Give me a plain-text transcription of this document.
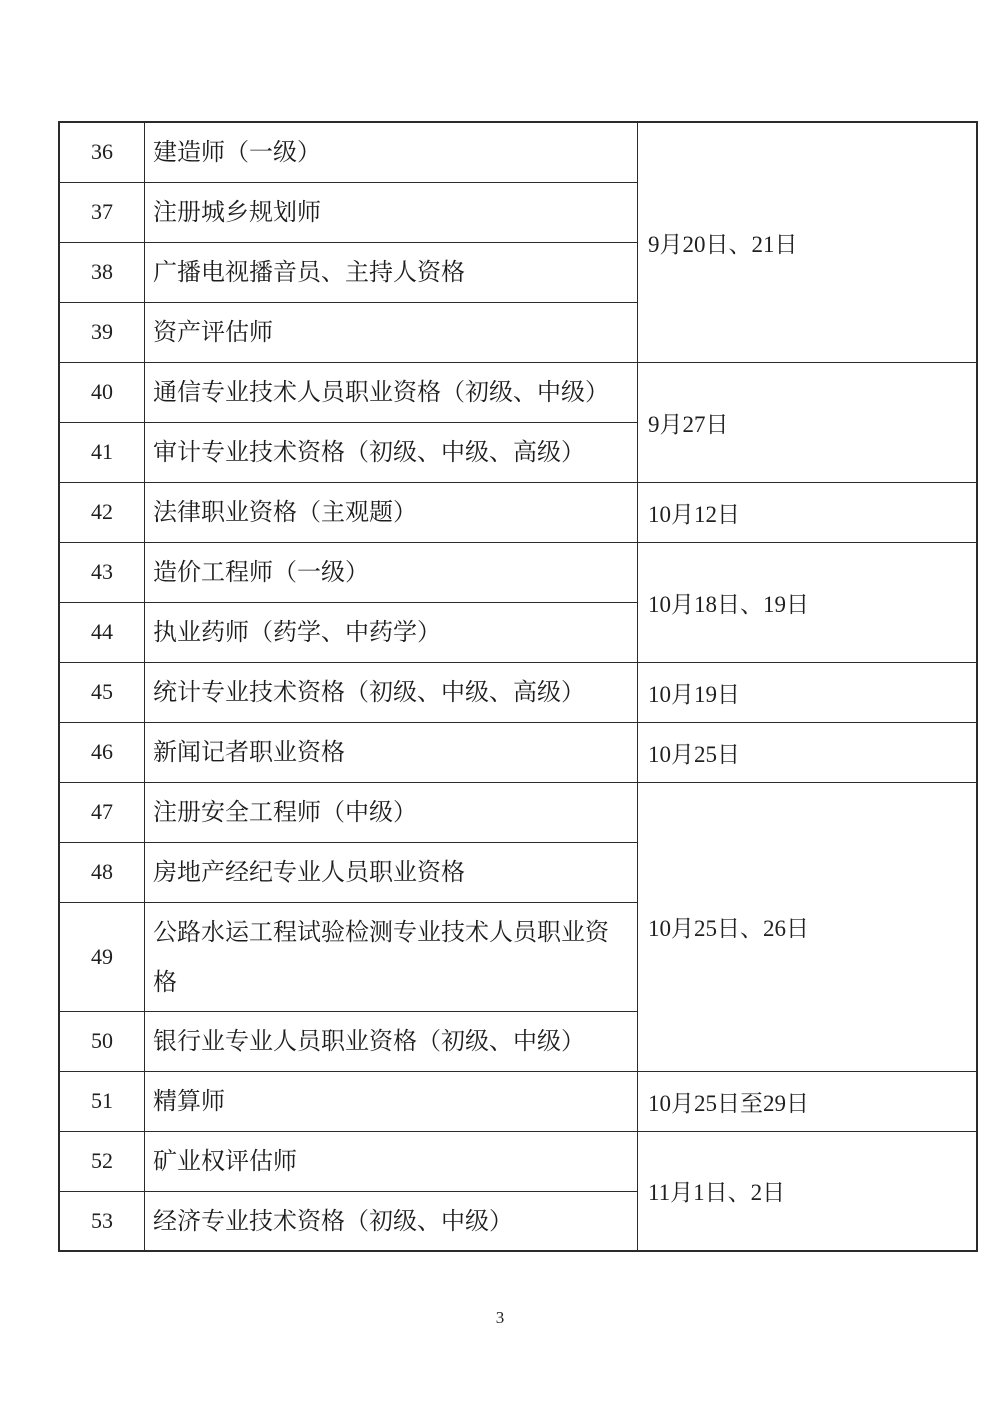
36	建造师（一级）	9月20日、21日
37	注册城乡规划师	
38	广播电视播音员、主持人资格	
39	资产评估师	
40	通信专业技术人员职业资格（初级、中级）	9月27日
41	审计专业技术资格（初级、中级、高级）	
42	法律职业资格（主观题）	10月12日
43	造价工程师（一级）	10月18日、19日
44	执业药师（药学、中药学）	
45	统计专业技术资格（初级、中级、高级）	10月19日
46	新闻记者职业资格	10月25日
47	注册安全工程师（中级）	10月25日、26日
48	房地产经纪专业人员职业资格	
49	公路水运工程试验检测专业技术人员职业资格	
50	银行业专业人员职业资格（初级、中级）	
51	精算师	10月25日至29日
52	矿业权评估师	11月1日、2日
53	经济专业技术资格（初级、中级）	
3
